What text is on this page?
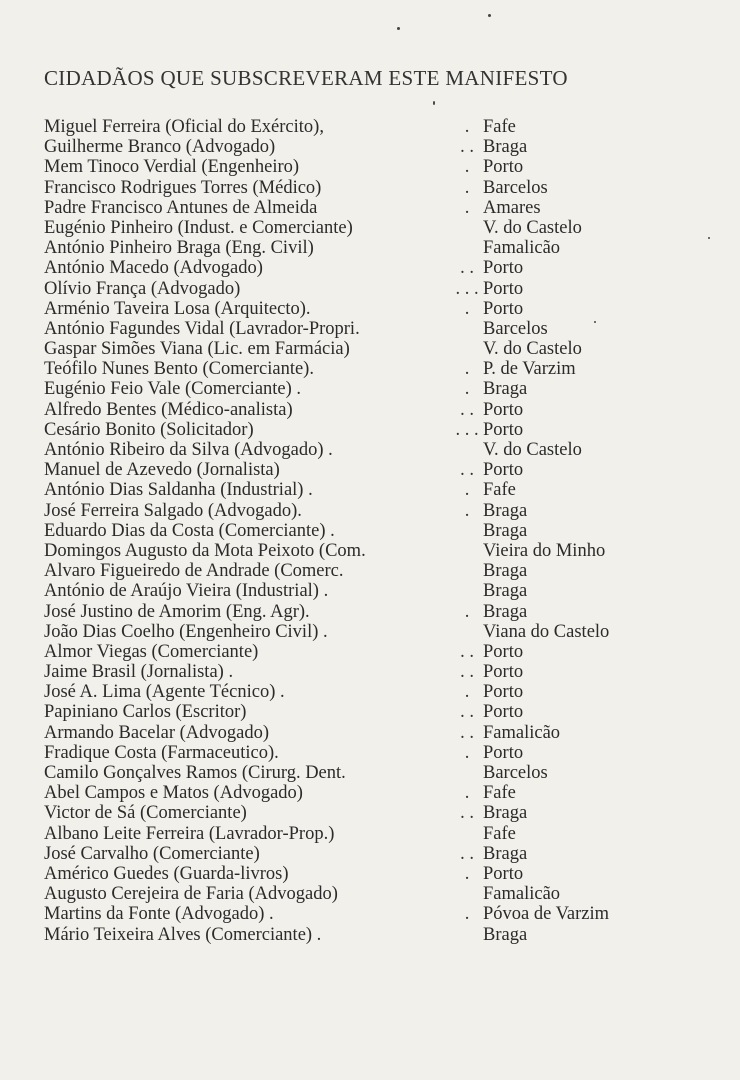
CIDADÃOS QUE SUBSCREVERAM ESTE MANIFESTO
Miguel Ferreira (Oficial do Exército),	. Fafe
Guilherme Branco (Advogado)	. . Braga
Mem Tinoco Verdial (Engenheiro)	. Porto
Francisco Rodrigues Torres (Médico)	. Barcelos
Padre Francisco Antunes de Almeida	. Amares
Eugénio Pinheiro (Indust. e Comerciante)	V. do Castelo
António Pinheiro Braga (Eng. Civil)	Famalicão
António Macedo (Advogado)	. . Porto
Olívio França (Advogado)	. . . Porto
Arménio Taveira Losa (Arquitecto).	. Porto
António Fagundes Vidal (Lavrador-Propri.	Barcelos
Gaspar Simões Viana (Lic. em Farmácia)	V. do Castelo
Teófilo Nunes Bento (Comerciante).	. P. de Varzim
Eugénio Feio Vale (Comerciante) .	. Braga
Alfredo Bentes (Médico-analista)	. . Porto
Cesário Bonito (Solicitador)	. . . Porto
António Ribeiro da Silva (Advogado) .	V. do Castelo
Manuel de Azevedo (Jornalista)	. . Porto
António Dias Saldanha (Industrial) .	. Fafe
José Ferreira Salgado (Advogado).	. Braga
Eduardo Dias da Costa (Comerciante) .	Braga
Domingos Augusto da Mota Peixoto (Com.	Vieira do Minho
Alvaro Figueiredo de Andrade (Comerc.	Braga
António de Araújo Vieira (Industrial) .	Braga
José Justino de Amorim (Eng. Agr).	. Braga
João Dias Coelho (Engenheiro Civil) .	Viana do Castelo
Almor Viegas (Comerciante)	. . Porto
Jaime Brasil (Jornalista) .	. . Porto
José A. Lima (Agente Técnico) .	. Porto
Papiniano Carlos (Escritor)	. . Porto
Armando Bacelar (Advogado)	. . Famalicão
Fradique Costa (Farmaceutico).	. Porto
Camilo Gonçalves Ramos (Cirurg. Dent.	Barcelos
Abel Campos e Matos (Advogado)	. Fafe
Victor de Sá (Comerciante)	. . Braga
Albano Leite Ferreira (Lavrador-Prop.)	Fafe
José Carvalho (Comerciante)	. . Braga
Américo Guedes (Guarda-livros)	. Porto
Augusto Cerejeira de Faria (Advogado)	Famalicão
Martins da Fonte (Advogado) .	. Póvoa de Varzim
Mário Teixeira Alves (Comerciante) .	Braga
